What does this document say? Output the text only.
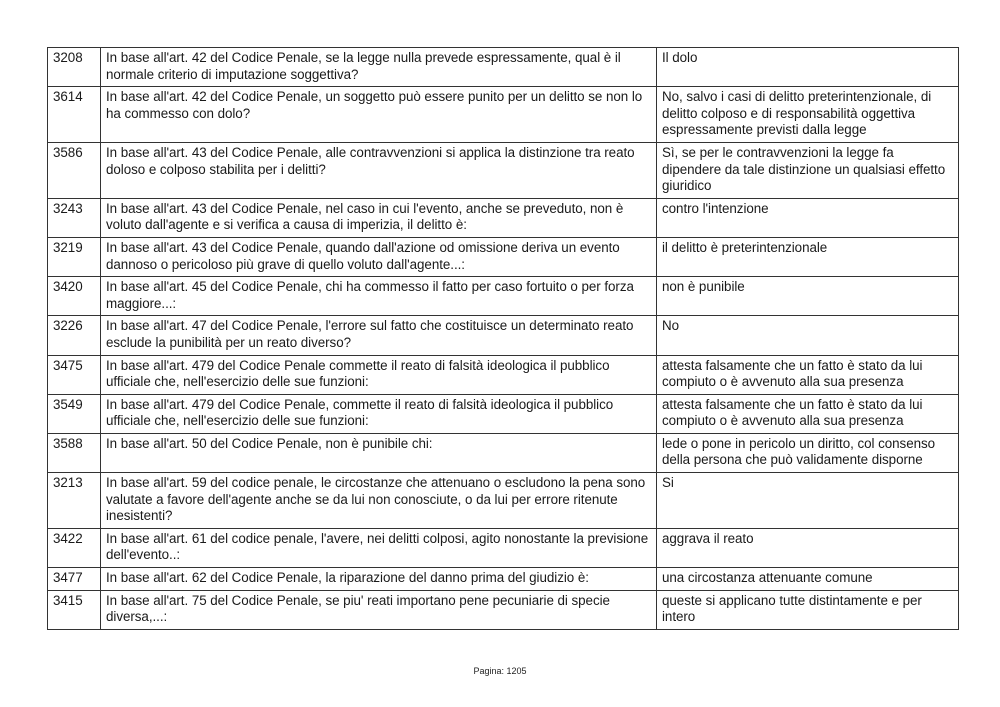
3208	In base all'art. 42 del Codice Penale, se la legge nulla prevede espressamente, qual è il normale criterio di imputazione soggettiva?	Il dolo
3614	In base all'art. 42 del Codice Penale, un soggetto può essere punito per un delitto se non lo ha commesso con dolo?	No, salvo i casi di delitto preterintenzionale, di delitto colposo e di responsabilità oggettiva espressamente previsti dalla legge
3586	In base all'art. 43 del Codice Penale, alle contravvenzioni si applica la distinzione tra reato doloso e colposo stabilita per i delitti?	Sì, se per le contravvenzioni la legge fa dipendere da tale distinzione un qualsiasi effetto giuridico
3243	In base all'art. 43 del Codice Penale, nel caso in cui l'evento, anche se preveduto, non è voluto dall'agente e si verifica a causa di imperizia, il delitto è:	contro l'intenzione
3219	In base all'art. 43 del Codice Penale, quando dall'azione od omissione deriva un evento dannoso o pericoloso più grave di quello voluto dall'agente...:	il delitto è preterintenzionale
3420	In base all'art. 45 del Codice Penale, chi ha commesso il fatto per caso fortuito o per forza maggiore...:	non è punibile
3226	In base all'art. 47 del Codice Penale, l'errore sul fatto che costituisce un determinato reato esclude la punibilità per un reato diverso?	No
3475	In base all'art. 479 del Codice Penale commette il reato di falsità ideologica il pubblico ufficiale che, nell'esercizio delle sue funzioni:	attesta falsamente che un fatto è stato da lui compiuto o è avvenuto alla sua presenza
3549	In base all'art. 479 del Codice Penale, commette il reato di falsità ideologica il pubblico ufficiale che, nell'esercizio delle sue funzioni:	attesta falsamente che un fatto è stato da lui compiuto o è avvenuto alla sua presenza
3588	In base all'art. 50 del Codice Penale, non è punibile chi:	lede o pone in pericolo un diritto, col consenso della persona che può validamente disporne
3213	In base all'art. 59 del codice penale, le circostanze che attenuano o escludono la pena sono valutate a favore dell'agente anche se da lui non conosciute, o da lui per errore ritenute inesistenti?	Si
3422	In base all'art. 61 del codice penale, l'avere, nei delitti colposi, agito nonostante la previsione dell'evento..:	aggrava il reato
3477	In base all'art. 62 del Codice Penale, la riparazione del danno prima del giudizio è:	una circostanza attenuante comune
3415	In base all'art. 75 del Codice Penale, se piu' reati importano pene pecuniarie di specie diversa,...:	queste si applicano tutte distintamente e per intero
Pagina: 1205
